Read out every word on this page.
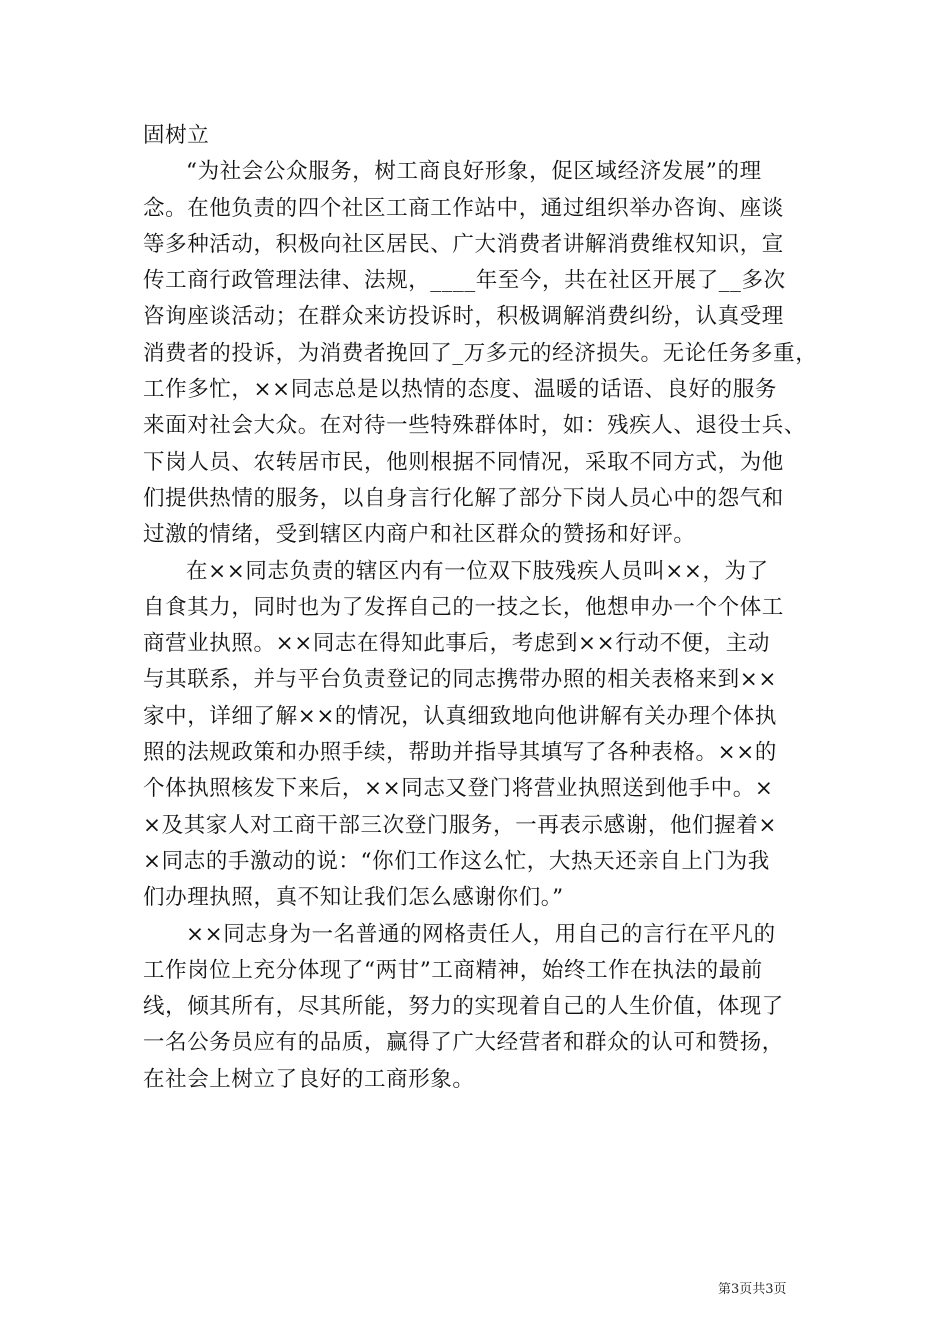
固树立
“为社会公众服务，树工商良好形象，促区域经济发展”的理
念。在他负责的四个社区工商工作站中，通过组织举办咨询、座谈
等多种活动，积极向社区居民、广大消费者讲解消费维权知识，宣
传工商行政管理法律、法规，____年至今，共在社区开展了__多次
咨询座谈活动；在群众来访投诉时，积极调解消费纠纷，认真受理
消费者的投诉，为消费者挽回了_万多元的经济损失。无论任务多重，
工作多忙，××同志总是以热情的态度、温暖的话语、良好的服务
来面对社会大众。在对待一些特殊群体时，如：残疾人、退役士兵、
下岗人员、农转居市民，他则根据不同情况，采取不同方式，为他
们提供热情的服务，以自身言行化解了部分下岗人员心中的怨气和
过激的情绪，受到辖区内商户和社区群众的赞扬和好评。
在××同志负责的辖区内有一位双下肢残疾人员叫××，为了
自食其力，同时也为了发挥自己的一技之长，他想申办一个个体工
商营业执照。××同志在得知此事后，考虑到××行动不便，主动
与其联系，并与平台负责登记的同志携带办照的相关表格来到××
家中，详细了解××的情况，认真细致地向他讲解有关办理个体执
照的法规政策和办照手续，帮助并指导其填写了各种表格。××的
个体执照核发下来后，××同志又登门将营业执照送到他手中。×
×及其家人对工商干部三次登门服务，一再表示感谢，他们握着×
×同志的手激动的说：“你们工作这么忙，大热天还亲自上门为我
们办理执照，真不知让我们怎么感谢你们。”
××同志身为一名普通的网格责任人，用自己的言行在平凡的
工作岗位上充分体现了“两甘”工商精神，始终工作在执法的最前
线，倾其所有，尽其所能，努力的实现着自己的人生价值，体现了
一名公务员应有的品质，赢得了广大经营者和群众的认可和赞扬，
在社会上树立了良好的工商形象。
第3页共3页
